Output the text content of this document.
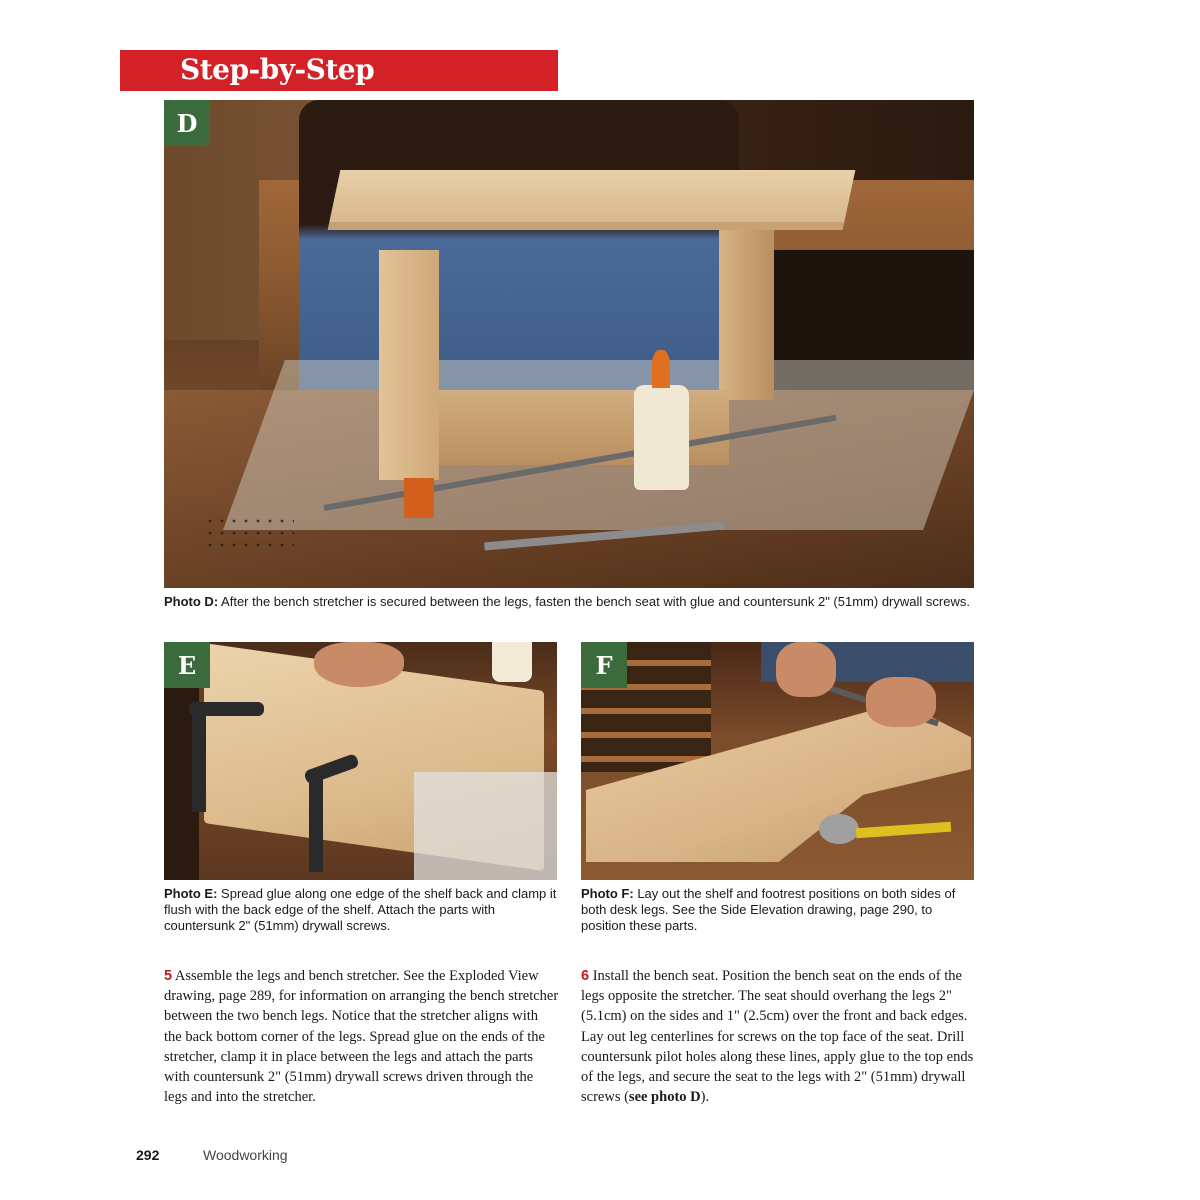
Step-by-Step
D

Photo D: After the bench stretcher is secured between the legs, fasten the bench seat with glue and countersunk 2" (51mm) drywall screws.

E

Photo E: Spread glue along one edge of the shelf back and clamp it flush with the back edge of the shelf. Attach the parts with countersunk 2" (51mm) drywall screws.

F

Photo F: Lay out the shelf and footrest positions on both sides of both desk legs. See the Side Elevation drawing, page 290, to position these parts.

5 Assemble the legs and bench stretcher. See the Exploded View drawing, page 289, for information on arranging the bench stretcher between the two bench legs. Notice that the stretcher aligns with the back bottom corner of the legs. Spread glue on the ends of the stretcher, clamp it in place between the legs and attach the parts with countersunk 2" (51mm) drywall screws driven through the legs and into the stretcher.

6 Install the bench seat. Position the bench seat on the ends of the legs opposite the stretcher. The seat should overhang the legs 2" (5.1cm) on the sides and 1" (2.5cm) over the front and back edges. Lay out leg centerlines for screws on the top face of the seat. Drill countersunk pilot holes along these lines, apply glue to the top ends of the legs, and secure the seat to the legs with 2" (51mm) drywall screws (see photo D).

292	Woodworking
